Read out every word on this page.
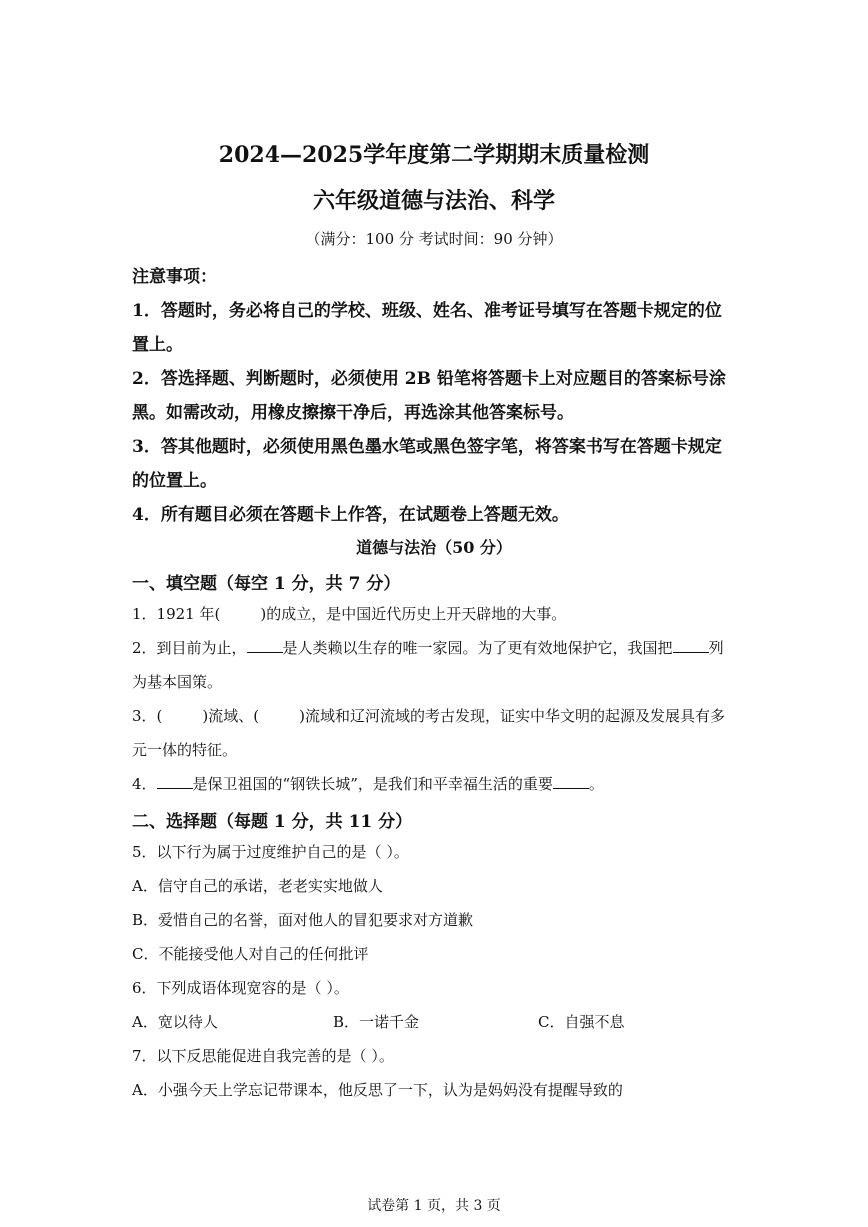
2024—2025学年度第二学期期末质量检测
六年级道德与法治、科学
（满分：100 分 考试时间：90 分钟）
注意事项：
1．答题时，务必将自己的学校、班级、姓名、准考证号填写在答题卡规定的位
置上。
2．答选择题、判断题时，必须使用 2B 铅笔将答题卡上对应题目的答案标号涂
黑。如需改动，用橡皮擦擦干净后，再选涂其他答案标号。
3．答其他题时，必须使用黑色墨水笔或黑色签字笔，将答案书写在答题卡规定
的位置上。
4．所有题目必须在答题卡上作答，在试题卷上答题无效。
道德与法治（50 分）
一、填空题（每空 1 分，共 7 分）
1．1921 年(	)的成立，是中国近代历史上开天辟地的大事。
2．到目前为止， 是人类赖以生存的唯一家园。为了更有效地保护它，我国把 列
为基本国策。
3．(	)流域、(	)流域和辽河流域的考古发现，证实中华文明的起源及发展具有多
元一体的特征。
4． 是保卫祖国的“钢铁长城”，是我们和平幸福生活的重要 。
二、选择题（每题 1 分，共 11 分）
5．以下行为属于过度维护自己的是（ ）。
A．信守自己的承诺，老老实实地做人
B．爱惜自己的名誉，面对他人的冒犯要求对方道歉
C．不能接受他人对自己的任何批评
6．下列成语体现宽容的是（ ）。
A．宽以待人	B．一诺千金	C．自强不息
7．以下反思能促进自我完善的是（ ）。
A．小强今天上学忘记带课本，他反思了一下，认为是妈妈没有提醒导致的
试卷第 1 页，共 3 页
